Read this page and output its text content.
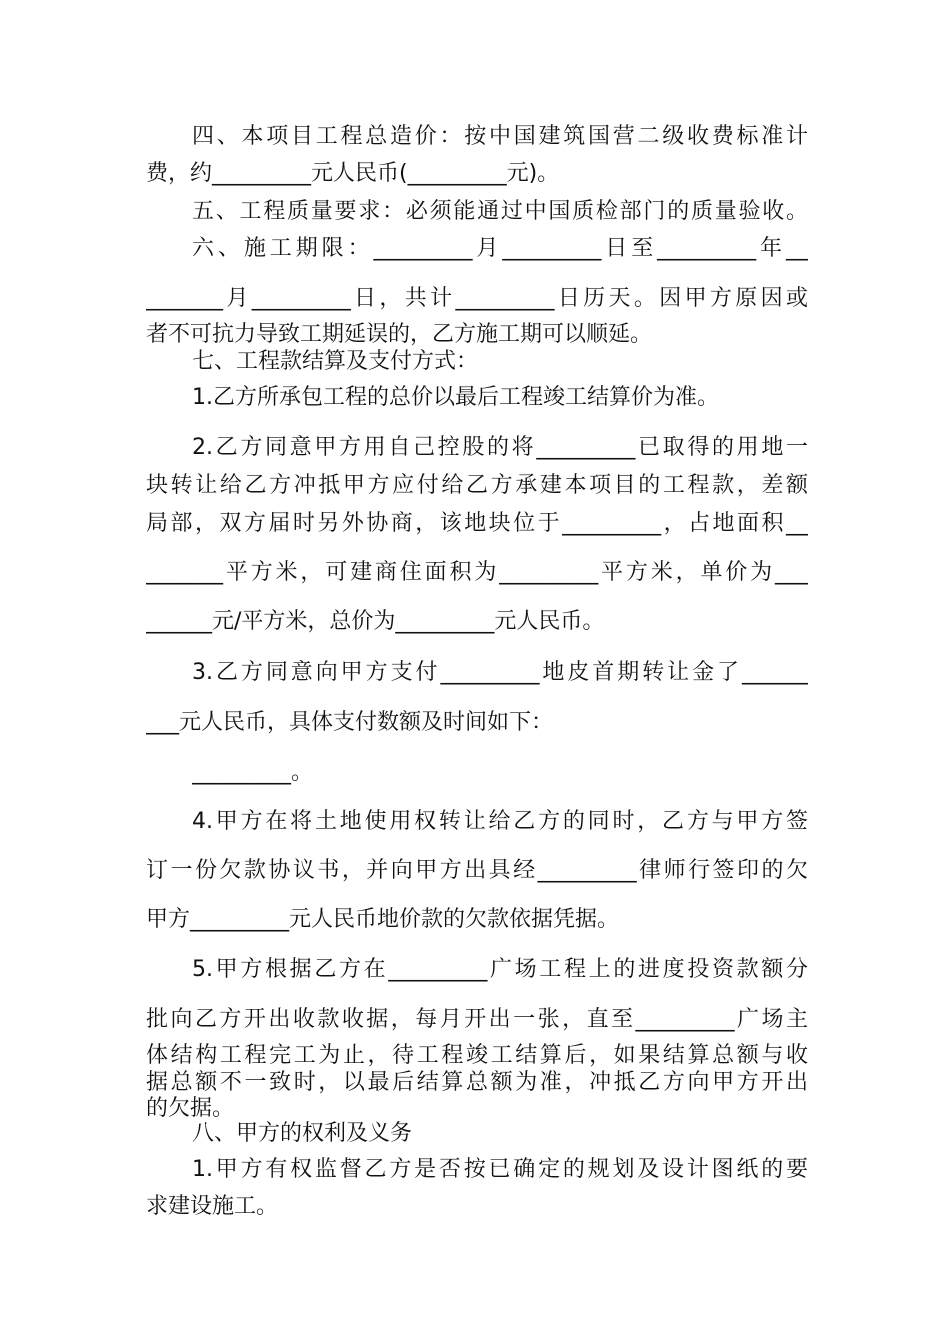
四、本项目工程总造价：按中国建筑国营二级收费标准计
费，约_________元人民币(_________元)。
五、工程质量要求：必须能通过中国质检部门的质量验收。
六、施工期限：_________月_________日至_________年__
_______月_________日，共计_________日历天。因甲方原因或
者不可抗力导致工期延误的，乙方施工期可以顺延。
七、工程款结算及支付方式：
1.乙方所承包工程的总价以最后工程竣工结算价为准。
2.乙方同意甲方用自己控股的将_________已取得的用地一
块转让给乙方冲抵甲方应付给乙方承建本项目的工程款，差额
局部，双方届时另外协商，该地块位于_________，占地面积__
_______平方米，可建商住面积为_________平方米，单价为___
______元/平方米，总价为_________元人民币。
3.乙方同意向甲方支付_________地皮首期转让金了______
___元人民币，具体支付数额及时间如下：
_________。
4.甲方在将土地使用权转让给乙方的同时，乙方与甲方签
订一份欠款协议书，并向甲方出具经_________律师行签印的欠
甲方_________元人民币地价款的欠款依据凭据。
5.甲方根据乙方在_________广场工程上的进度投资款额分
批向乙方开出收款收据，每月开出一张，直至_________广场主
体结构工程完工为止，待工程竣工结算后，如果结算总额与收
据总额不一致时，以最后结算总额为准，冲抵乙方向甲方开出
的欠据。
八、甲方的权利及义务
1.甲方有权监督乙方是否按已确定的规划及设计图纸的要
求建设施工。
